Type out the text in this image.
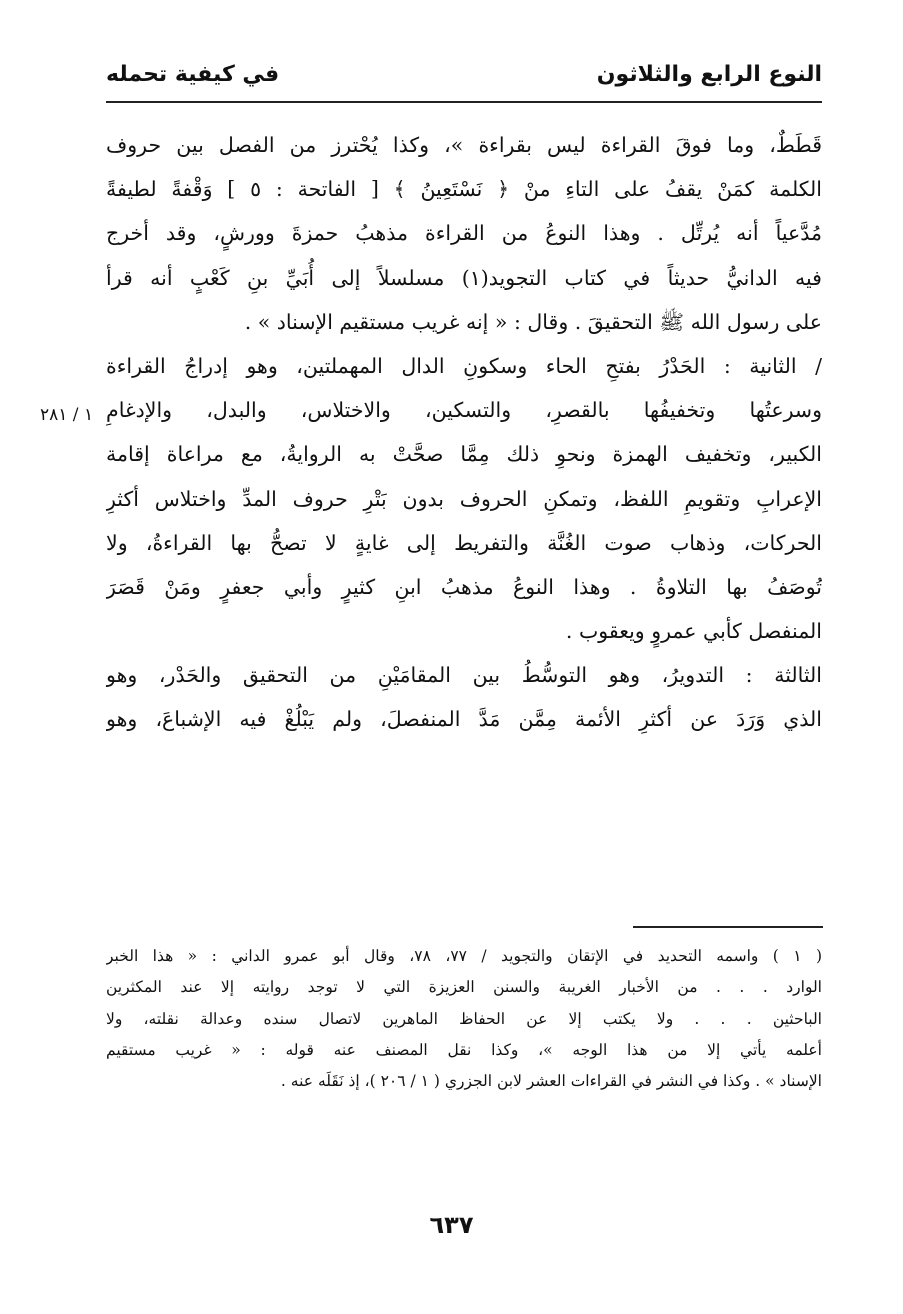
النوع الرابع والثلاثون
في كيفية تحمله
قَطَطٌ، وما فوقَ القراءة ليس بقراءة »، وكذا يُحْترز من الفصل بين حروف
الكلمة كمَنْ يقفُ على التاءِ منْ ﴿ نَسْتَعِينُ ﴾ [ الفاتحة : ٥ ] وَقْفةً لطيفةً
مُدَّعياً أنه يُرتِّل . وهذا النوعُ من القراءة مذهبُ حمزةَ وورشٍ، وقد أخرج
فيه الدانيُّ حديثاً في كتاب التجويد(١) مسلسلاً إلى أُبَيِّ بنِ كَعْبٍ أنه قرأ
على رسول الله ﷺ التحقيقَ . وقال : « إنه غريب مستقيم الإسناد » .
/ الثانية : الحَدْرُ بفتحِ الحاء وسكونِ الدال المهملتين، وهو إدراجُ القراءة
وسرعتُها وتخفيفُها بالقصرِ، والتسكين، والاختلاس، والبدل، والإدغامِ
الكبير، وتخفيف الهمزة ونحوِ ذلك مِمَّا صحَّتْ به الروايةُ، مع مراعاة إقامة
الإعرابِ وتقويمِ اللفظ، وتمكنِ الحروف بدون بَتْرِ حروف المدِّ واختلاس أكثرِ
الحركات، وذهاب صوت الغُنَّة والتفريط إلى غايةٍ لا تصحُّ بها القراءةُ، ولا
تُوصَفُ بها التلاوةُ . وهذا النوعُ مذهبُ ابنِ كثيرٍ وأبي جعفرٍ ومَنْ قَصَرَ
المنفصل كأبي عمروٍ ويعقوب .
الثالثة : التدويرُ، وهو التوسُّطُ بين المقامَيْنِ من التحقيق والحَدْر، وهو
الذي وَرَدَ عن أكثرِ الأئمة مِمَّن مَدَّ المنفصلَ، ولم يَبْلُغْ فيه الإشباعَ، وهو
١ / ٢٨١
( ١ ) واسمه التحديد في الإتقان والتجويد / ٧٧، ٧٨، وقال أبو عمرو الداني : « هذا الخبر
الوارد . . . من الأخبار الغريبة والسنن العزيزة التي لا توجد روايته إلا عند المكثرين
الباحثين . . . ولا يكتب إلا عن الحفاظ الماهرين لاتصال سنده وعدالة نقلته، ولا
أعلمه يأتي إلا من هذا الوجه »، وكذا نقل المصنف عنه قوله : « غريب مستقيم
الإسناد » . وكذا في النشر في القراءات العشر لابن الجزري ( ١ / ٢٠٦ )، إذ نَقَلَه عنه .
٦٣٧
